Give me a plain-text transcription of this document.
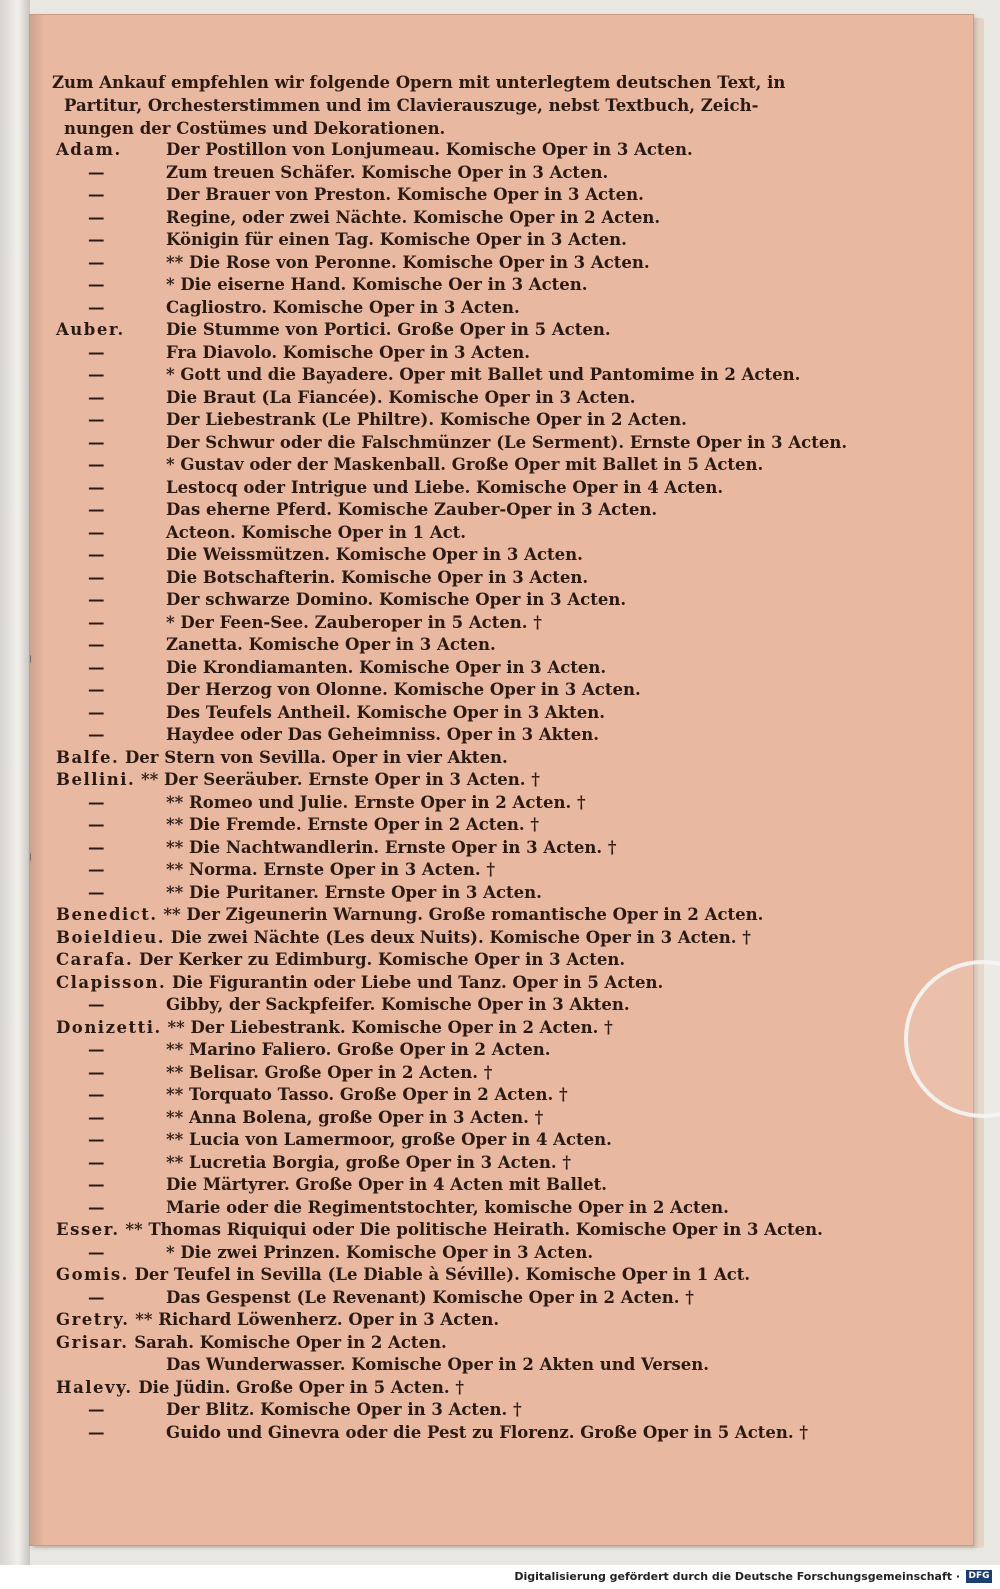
Zum Ankauf empfehlen wir folgende Opern mit unterlegtem deutschen Text, in
Partitur, Orchesterstimmen und im Clavierauszuge, nebst Textbuch, Zeich-
nungen der Costümes und Dekorationen.
Adam.	Der Postillon von Lonjumeau. Komische Oper in 3 Acten.
—	Zum treuen Schäfer. Komische Oper in 3 Acten.
—	Der Brauer von Preston. Komische Oper in 3 Acten.
—	Regine, oder zwei Nächte. Komische Oper in 2 Acten.
—	Königin für einen Tag. Komische Oper in 3 Acten.
—	** Die Rose von Peronne. Komische Oper in 3 Acten.
—	* Die eiserne Hand. Komische Oer in 3 Acten.
—	Cagliostro. Komische Oper in 3 Acten.
Auber. Die Stumme von Portici. Große Oper in 5 Acten.
—	Fra Diavolo. Komische Oper in 3 Acten.
—	* Gott und die Bayadere. Oper mit Ballet und Pantomime in 2 Acten.
—	Die Braut (La Fiancée). Komische Oper in 3 Acten.
—	Der Liebestrank (Le Philtre). Komische Oper in 2 Acten.
—	Der Schwur oder die Falschmünzer (Le Serment). Ernste Oper in 3 Acten.
—	* Gustav oder der Maskenball. Große Oper mit Ballet in 5 Acten.
—	Lestocq oder Intrigue und Liebe. Komische Oper in 4 Acten.
—	Das eherne Pferd. Komische Zauber-Oper in 3 Acten.
—	Acteon. Komische Oper in 1 Act.
—	Die Weissmützen. Komische Oper in 3 Acten.
—	Die Botschafterin. Komische Oper in 3 Acten.
—	Der schwarze Domino. Komische Oper in 3 Acten.
—	* Der Feen-See. Zauberoper in 5 Acten. †
—	Zanetta. Komische Oper in 3 Acten.
—	Die Krondiamanten. Komische Oper in 3 Acten.
—	Der Herzog von Olonne. Komische Oper in 3 Acten.
—	Des Teufels Antheil. Komische Oper in 3 Akten.
—	Haydee oder Das Geheimniss. Oper in 3 Akten.
Balfe. Der Stern von Sevilla. Oper in vier Akten.
Bellini. ** Der Seeräuber. Ernste Oper in 3 Acten. †
—	** Romeo und Julie. Ernste Oper in 2 Acten. †
—	** Die Fremde. Ernste Oper in 2 Acten. †
—	** Die Nachtwandlerin. Ernste Oper in 3 Acten. †
—	** Norma. Ernste Oper in 3 Acten. †
—	** Die Puritaner. Ernste Oper in 3 Acten.
Benedict. ** Der Zigeunerin Warnung. Große romantische Oper in 2 Acten.
Boieldieu. Die zwei Nächte (Les deux Nuits). Komische Oper in 3 Acten. †
Carafa. Der Kerker zu Edimburg. Komische Oper in 3 Acten.
Clapisson. Die Figurantin oder Liebe und Tanz. Oper in 5 Acten.
—	Gibby, der Sackpfeifer. Komische Oper in 3 Akten.
Donizetti. ** Der Liebestrank. Komische Oper in 2 Acten. †
—	** Marino Faliero. Große Oper in 2 Acten.
—	** Belisar. Große Oper in 2 Acten. †
—	** Torquato Tasso. Große Oper in 2 Acten. †
—	** Anna Bolena, große Oper in 3 Acten. †
—	** Lucia von Lamermoor, große Oper in 4 Acten.
—	** Lucretia Borgia, große Oper in 3 Acten. †
—	Die Märtyrer. Große Oper in 4 Acten mit Ballet.
—	Marie oder die Regimentstochter, komische Oper in 2 Acten.
Esser. ** Thomas Riquiqui oder Die politische Heirath. Komische Oper in 3 Acten.
—	* Die zwei Prinzen. Komische Oper in 3 Acten.
Gomis. Der Teufel in Sevilla (Le Diable à Séville). Komische Oper in 1 Act.
—	Das Gespenst (Le Revenant) Komische Oper in 2 Acten. †
Gretry. ** Richard Löwenherz. Oper in 3 Acten.
Grisar. Sarah. Komische Oper in 2 Acten.
Das Wunderwasser. Komische Oper in 2 Akten und Versen.
Halevy. Die Jüdin. Große Oper in 5 Acten. †
—	Der Blitz. Komische Oper in 3 Acten. †
—	Guido und Ginevra oder die Pest zu Florenz. Große Oper in 5 Acten. †
Digitalisierung gefördert durch die Deutsche Forschungsgemeinschaft · DFG
